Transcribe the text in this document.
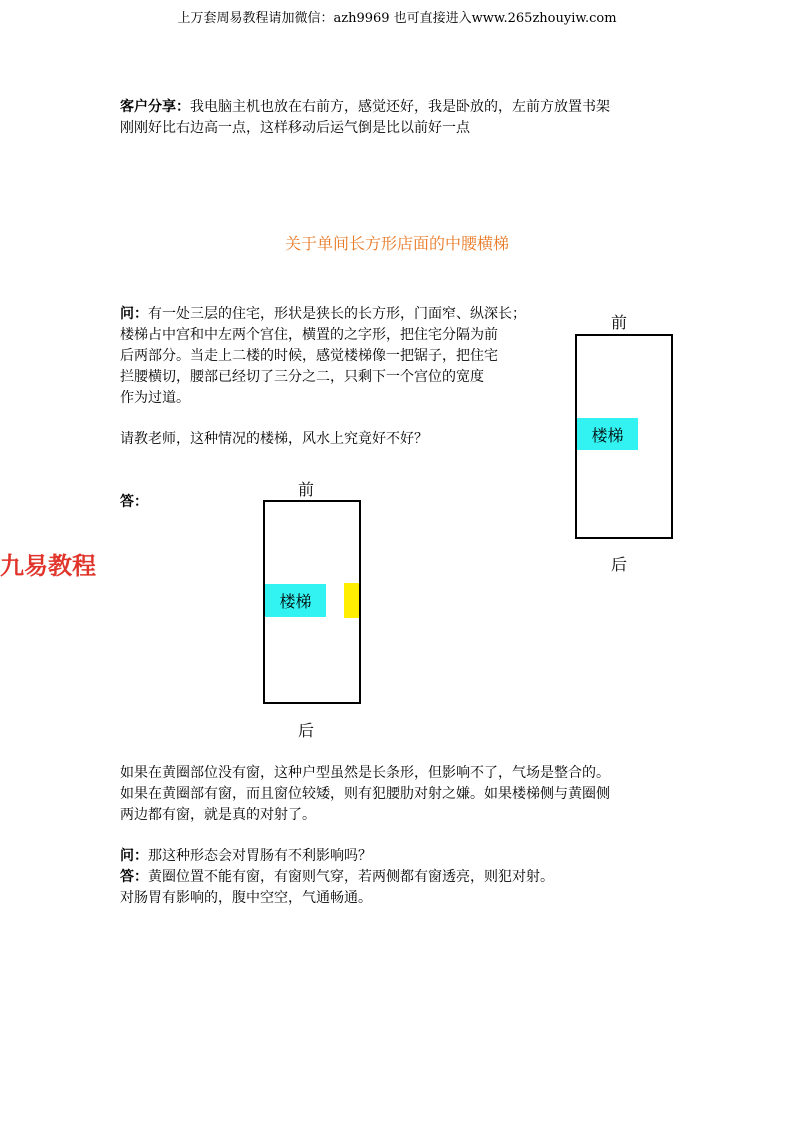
上万套周易教程请加微信：azh9969 也可直接进入www.265zhouyiw.com
客户分享：我电脑主机也放在右前方，感觉还好，我是卧放的，左前方放置书架
刚刚好比右边高一点，这样移动后运气倒是比以前好一点
关于单间长方形店面的中腰横梯
问：有一处三层的住宅，形状是狭长的长方形，门面窄、纵深长；
楼梯占中宫和中左两个宫住，横置的之字形，把住宅分隔为前
后两部分。当走上二楼的时候，感觉楼梯像一把锯子，把住宅
拦腰横切，腰部已经切了三分之二，只剩下一个宫位的宽度
作为过道。
请教老师，这种情况的楼梯，风水上究竟好不好？
答：
九易教程
前
楼梯
后
前
楼梯
后
如果在黄圈部位没有窗，这种户型虽然是长条形，但影响不了，气场是整合的。
如果在黄圈部有窗，而且窗位较矮，则有犯腰肋对射之嫌。如果楼梯侧与黄圈侧
两边都有窗，就是真的对射了。
问：那这种形态会对胃肠有不利影响吗？
答：黄圈位置不能有窗，有窗则气穿，若两侧都有窗透亮，则犯对射。
对肠胃有影响的，腹中空空，气通畅通。
